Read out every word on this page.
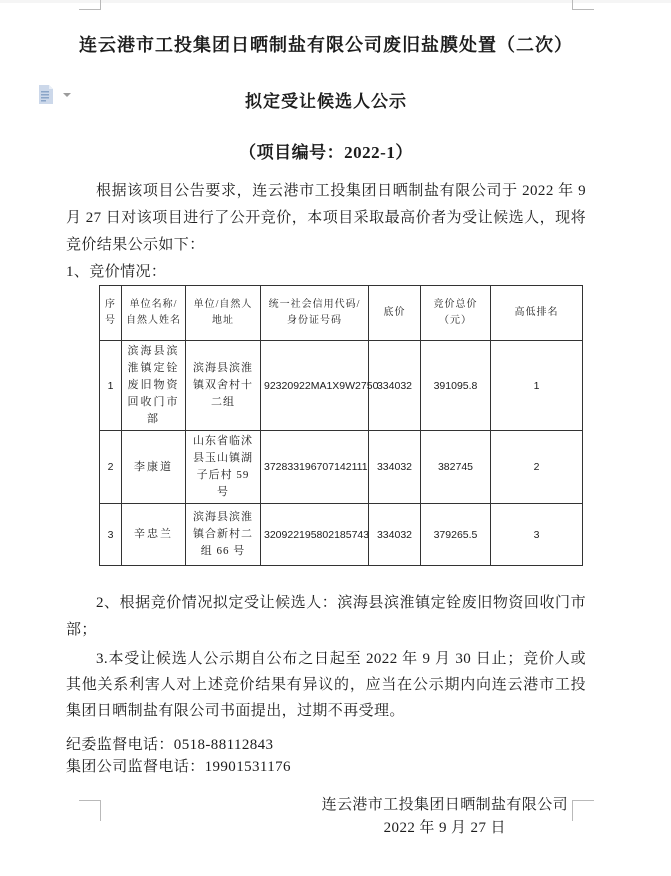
连云港市工投集团日晒制盐有限公司废旧盐膜处置（二次）
拟定受让候选人公示
（项目编号：2022-1）

根据该项目公告要求，连云港市工投集团日晒制盐有限公司于 2022 年 9 月 27 日对该项目进行了公开竞价，本项目采取最高价者为受让候选人，现将竞价结果公示如下：

1、竞价情况：

序号	单位名称/自然人姓名	单位/自然人地址	统一社会信用代码/身份证号码	底价	竞价总价（元）	高低排名
1	滨海县滨淮镇定铨废旧物资回收门市部	滨海县滨淮镇双舍村十二组	92320922MA1X9W2750	334032	391095.8	1
2	李康道	山东省临沭县玉山镇湖子后村 59 号	372833196707142111	334032	382745	2
3	辛忠兰	滨海县滨淮镇合新村二组 66 号	320922195802185743	334032	379265.5	3

2、根据竞价情况拟定受让候选人：滨海县滨淮镇定铨废旧物资回收门市部；

3.本受让候选人公示期自公布之日起至 2022 年 9 月 30 日止；竞价人或其他关系利害人对上述竞价结果有异议的，应当在公示期内向连云港市工投集团日晒制盐有限公司书面提出，过期不再受理。

纪委监督电话：0518-88112843

集团公司监督电话：19901531176

连云港市工投集团日晒制盐有限公司
2022 年 9 月 27 日
